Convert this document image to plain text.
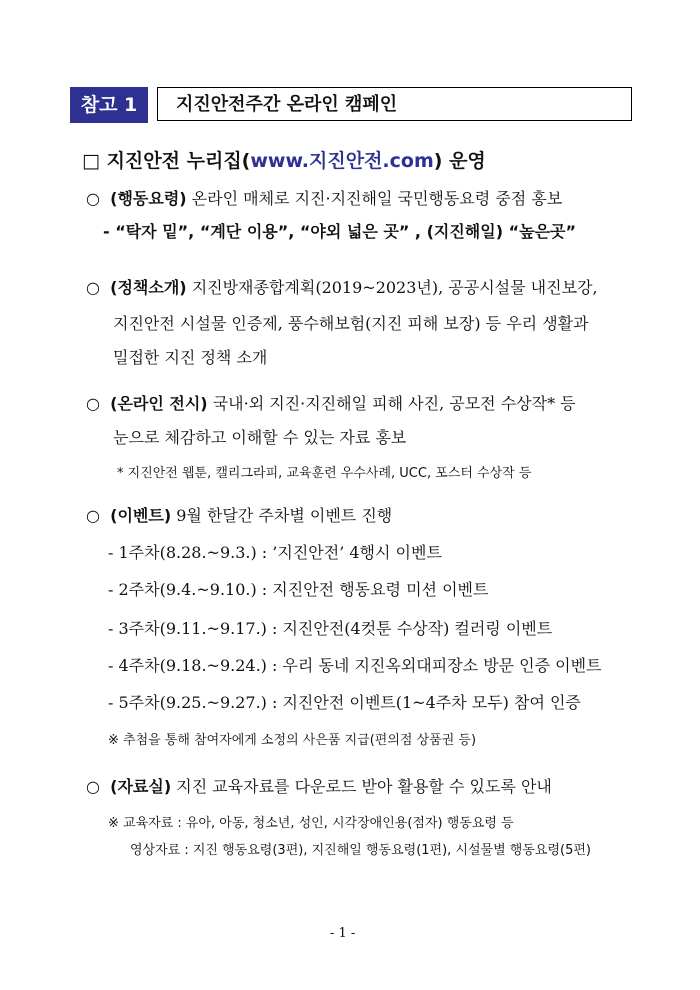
참고 1	지진안전주간 온라인 캠페인
□ 지진안전 누리집(www.지진안전.com) 운영
○ (행동요령) 온라인 매체로 지진·지진해일 국민행동요령 중점 홍보
- “탁자 밑”, “계단 이용”, “야외 넓은 곳” , (지진해일) “높은곳”
○ (정책소개) 지진방재종합계획(2019~2023년), 공공시설물 내진보강,
지진안전 시설물 인증제, 풍수해보험(지진 피해 보장) 등 우리 생활과
밀접한 지진 정책 소개
○ (온라인 전시) 국내·외 지진·지진해일 피해 사진, 공모전 수상작* 등
눈으로 체감하고 이해할 수 있는 자료 홍보
* 지진안전 웹툰, 캘리그라피, 교육훈련 우수사례, UCC, 포스터 수상작 등
○ (이벤트) 9월 한달간 주차별 이벤트 진행
- 1주차(8.28.~9.3.) : ’지진안전’ 4행시 이벤트
- 2주차(9.4.~9.10.) : 지진안전 행동요령 미션 이벤트
- 3주차(9.11.~9.17.) : 지진안전(4컷툰 수상작) 컬러링 이벤트
- 4주차(9.18.~9.24.) : 우리 동네 지진옥외대피장소 방문 인증 이벤트
- 5주차(9.25.~9.27.) : 지진안전 이벤트(1~4주차 모두) 참여 인증
※ 추첨을 통해 참여자에게 소정의 사은품 지급(편의점 상품권 등)
○ (자료실) 지진 교육자료를 다운로드 받아 활용할 수 있도록 안내
※ 교육자료 : 유아, 아동, 청소년, 성인, 시각장애인용(점자) 행동요령 등
영상자료 : 지진 행동요령(3편), 지진해일 행동요령(1편), 시설물별 행동요령(5편)
- 1 -
